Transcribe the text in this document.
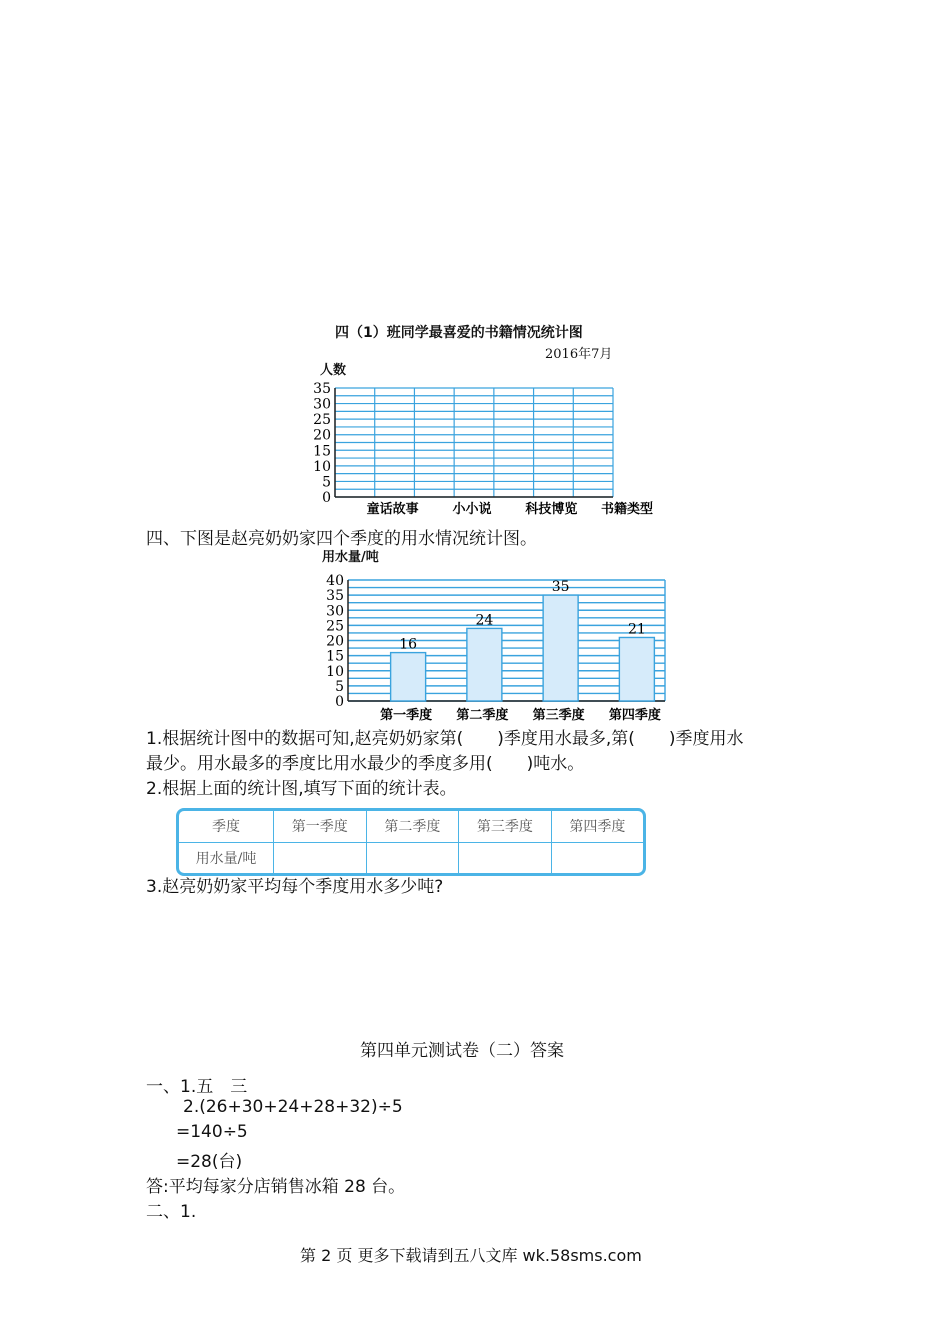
四（1）班同学最喜爱的书籍情况统计图
2016年7月
人数
0
5
10
15
20
25
30
35
童话故事	小小说	科技博览 书籍类型
四、下图是赵亮奶奶家四个季度的用水情况统计图。
用水量/吨
16
24
35
21
0
5
10
15
20
25
30
35
40
第一季度 第二季度 第三季度 第四季度
1.根据统计图中的数据可知,赵亮奶奶家第(　　)季度用水最多,第(　　)季度用水
最少。用水最多的季度比用水最少的季度多用(　　)吨水。
2.根据上面的统计图,填写下面的统计表。
3.赵亮奶奶家平均每个季度用水多少吨?
季度	第一季度	第二季度	第三季度	第四季度
用水量/吨				
第四单元测试卷（二）答案
一、1.五　三
2.(26+30+24+28+32)÷5
=140÷5
=28(台)
答:平均每家分店销售冰箱 28 台。
二、1.
第 2 页 更多下载请到五八文库 wk.58sms.com
